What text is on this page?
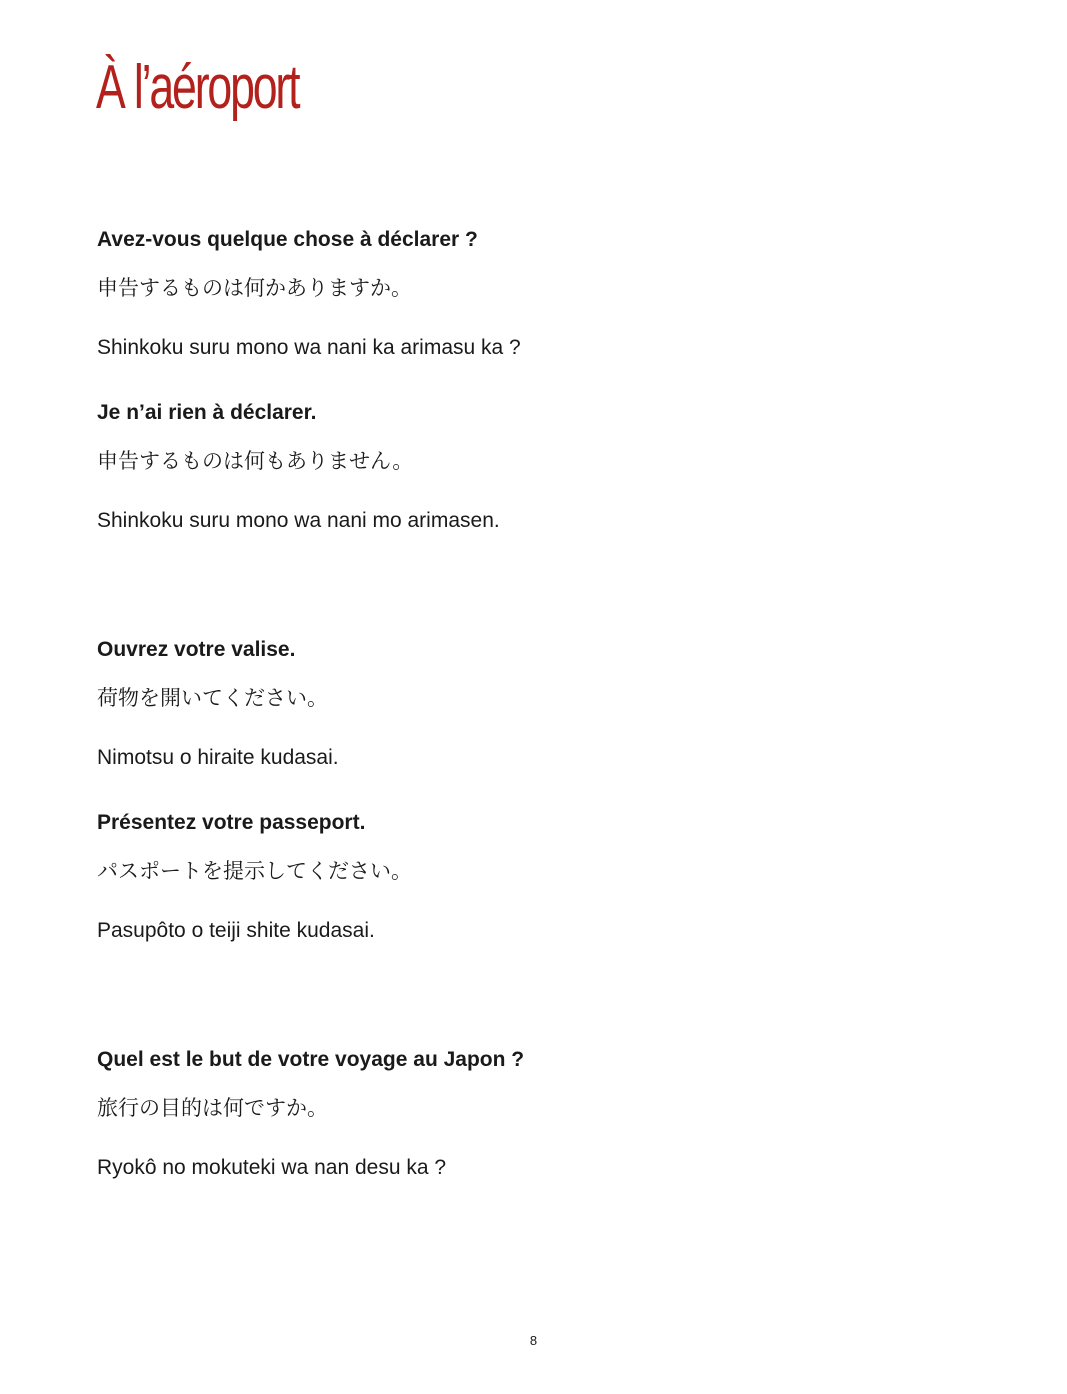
À l’aéroport
Avez-vous quelque chose à déclarer ?
申告するものは何かありますか。
Shinkoku suru mono wa nani ka arimasu ka ?
Je n’ai rien à déclarer.
申告するものは何もありません。
Shinkoku suru mono wa nani mo arimasen.
Ouvrez votre valise.
荷物を開いてください。
Nimotsu o hiraite kudasai.
Présentez votre passeport.
パスポートを提示してください。
Pasupôto o teiji shite kudasai.
Quel est le but de votre voyage au Japon ?
旅行の目的は何ですか。
Ryokô no mokuteki wa nan desu ka ?
8
